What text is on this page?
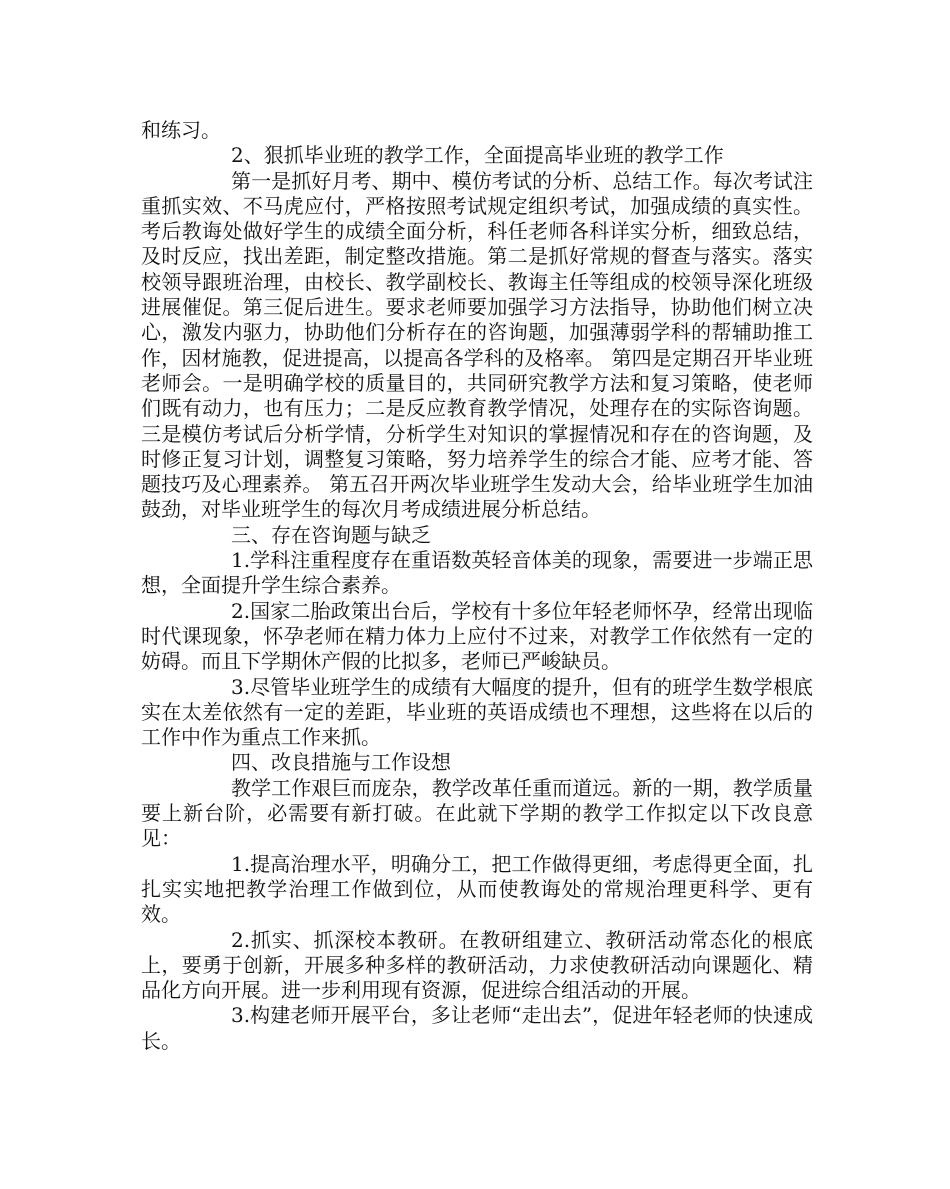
和练习。

2、狠抓毕业班的教学工作，全面提高毕业班的教学工作

第一是抓好月考、期中、模仿考试的分析、总结工作。每次考试注重抓实效、不马虎应付，严格按照考试规定组织考试，加强成绩的真实性。考后教诲处做好学生的成绩全面分析，科任老师各科详实分析，细致总结，及时反应，找出差距，制定整改措施。第二是抓好常规的督查与落实。落实校领导跟班治理，由校长、教学副校长、教诲主任等组成的校领导深化班级进展催促。第三促后进生。要求老师要加强学习方法指导，协助他们树立决心，激发内驱力，协助他们分析存在的咨询题，加强薄弱学科的帮辅助推工作，因材施教，促进提高，以提高各学科的及格率。 第四是定期召开毕业班老师会。一是明确学校的质量目的，共同研究教学方法和复习策略，使老师们既有动力，也有压力；二是反应教育教学情况，处理存在的实际咨询题。三是模仿考试后分析学情，分析学生对知识的掌握情况和存在的咨询题，及时修正复习计划，调整复习策略，努力培养学生的综合才能、应考才能、答题技巧及心理素养。 第五召开两次毕业班学生发动大会，给毕业班学生加油鼓劲，对毕业班学生的每次月考成绩进展分析总结。

三、存在咨询题与缺乏

1.学科注重程度存在重语数英轻音体美的现象，需要进一步端正思想，全面提升学生综合素养。

2.国家二胎政策出台后，学校有十多位年轻老师怀孕，经常出现临时代课现象，怀孕老师在精力体力上应付不过来，对教学工作依然有一定的妨碍。而且下学期休产假的比拟多，老师已严峻缺员。

3.尽管毕业班学生的成绩有大幅度的提升，但有的班学生数学根底实在太差依然有一定的差距，毕业班的英语成绩也不理想，这些将在以后的工作中作为重点工作来抓。

四、改良措施与工作设想

教学工作艰巨而庞杂，教学改革任重而道远。新的一期，教学质量要上新台阶，必需要有新打破。在此就下学期的教学工作拟定以下改良意见：

1.提高治理水平，明确分工，把工作做得更细，考虑得更全面，扎扎实实地把教学治理工作做到位，从而使教诲处的常规治理更科学、更有效。

2.抓实、抓深校本教研。在教研组建立、教研活动常态化的根底上，要勇于创新，开展多种多样的教研活动，力求使教研活动向课题化、精品化方向开展。进一步利用现有资源，促进综合组活动的开展。

3.构建老师开展平台，多让老师“走出去”，促进年轻老师的快速成长。
